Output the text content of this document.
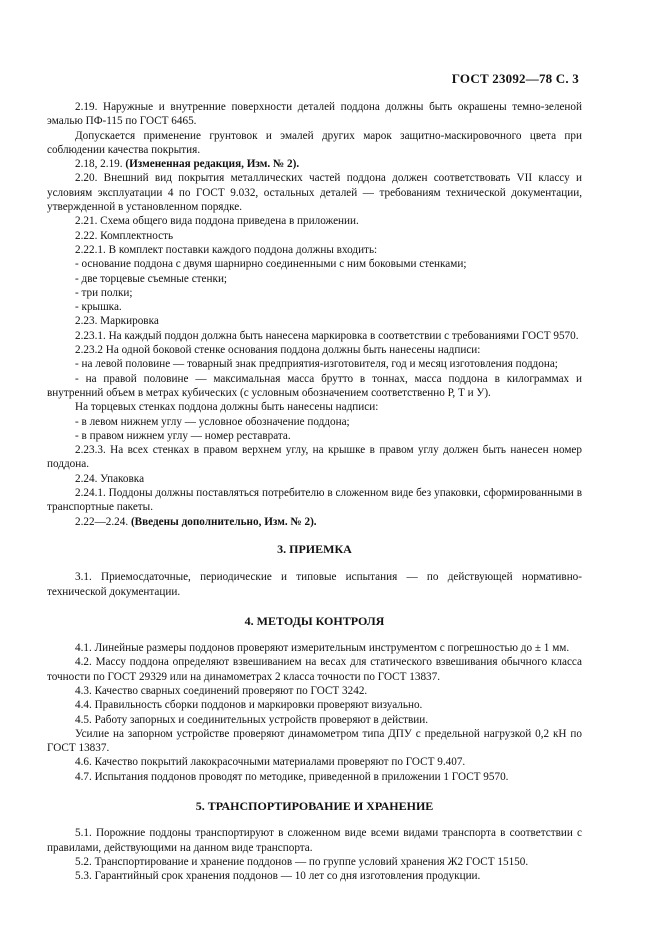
ГОСТ 23092—78 С. 3

2.19. Наружные и внутренние поверхности деталей поддона должны быть окрашены темно-зеленой эмалью ПФ-115 по ГОСТ 6465.

Допускается применение грунтовок и эмалей других марок защитно-маскировочного цвета при соблюдении качества покрытия.

2.18, 2.19. (Измененная редакция, Изм. № 2).

2.20. Внешний вид покрытия металлических частей поддона должен соответствовать VII классу и условиям эксплуатации 4 по ГОСТ 9.032, остальных деталей — требованиям технической документации, утвержденной в установленном порядке.

2.21. Схема общего вида поддона приведена в приложении.

2.22. Комплектность

2.22.1. В комплект поставки каждого поддона должны входить:

- основание поддона с двумя шарнирно соединенными с ним боковыми стенками;

- две торцевые съемные стенки;

- три полки;

- крышка.

2.23. Маркировка

2.23.1. На каждый поддон должна быть нанесена маркировка в соответствии с требованиями ГОСТ 9570.

2.23.2 На одной боковой стенке основания поддона должны быть нанесены надписи:

- на левой половине — товарный знак предприятия-изготовителя, год и месяц изготовления поддона;

- на правой половине — максимальная масса брутто в тоннах, масса поддона в килограммах и внутренний объем в метрах кубических (с условным обозначением соответственно Р, Т и У).

На торцевых стенках поддона должны быть нанесены надписи:

- в левом нижнем углу — условное обозначение поддона;

- в правом нижнем углу — номер реставрата.

2.23.3. На всех стенках в правом верхнем углу, на крышке в правом углу должен быть нанесен номер поддона.

2.24. Упаковка

2.24.1. Поддоны должны поставляться потребителю в сложенном виде без упаковки, сформированными в транспортные пакеты.

2.22—2.24. (Введены дополнительно, Изм. № 2).

3. ПРИЕМКА

3.1. Приемосдаточные, периодические и типовые испытания — по действующей нормативно-технической документации.

4. МЕТОДЫ КОНТРОЛЯ

4.1. Линейные размеры поддонов проверяют измерительным инструментом с погрешностью до ± 1 мм.

4.2. Массу поддона определяют взвешиванием на весах для статического взвешивания обычного класса точности по ГОСТ 29329 или на динамометрах 2 класса точности по ГОСТ 13837.

4.3. Качество сварных соединений проверяют по ГОСТ 3242.

4.4. Правильность сборки поддонов и маркировки проверяют визуально.

4.5. Работу запорных и соединительных устройств проверяют в действии.

Усилие на запорном устройстве проверяют динамометром типа ДПУ с предельной нагрузкой 0,2 кН по ГОСТ 13837.

4.6. Качество покрытий лакокрасочными материалами проверяют по ГОСТ 9.407.

4.7. Испытания поддонов проводят по методике, приведенной в приложении 1 ГОСТ 9570.

5. ТРАНСПОРТИРОВАНИЕ И ХРАНЕНИЕ

5.1. Порожние поддоны транспортируют в сложенном виде всеми видами транспорта в соответствии с правилами, действующими на данном виде транспорта.

5.2. Транспортирование и хранение поддонов — по группе условий хранения Ж2 ГОСТ 15150.

5.3. Гарантийный срок хранения поддонов — 10 лет со дня изготовления продукции.
